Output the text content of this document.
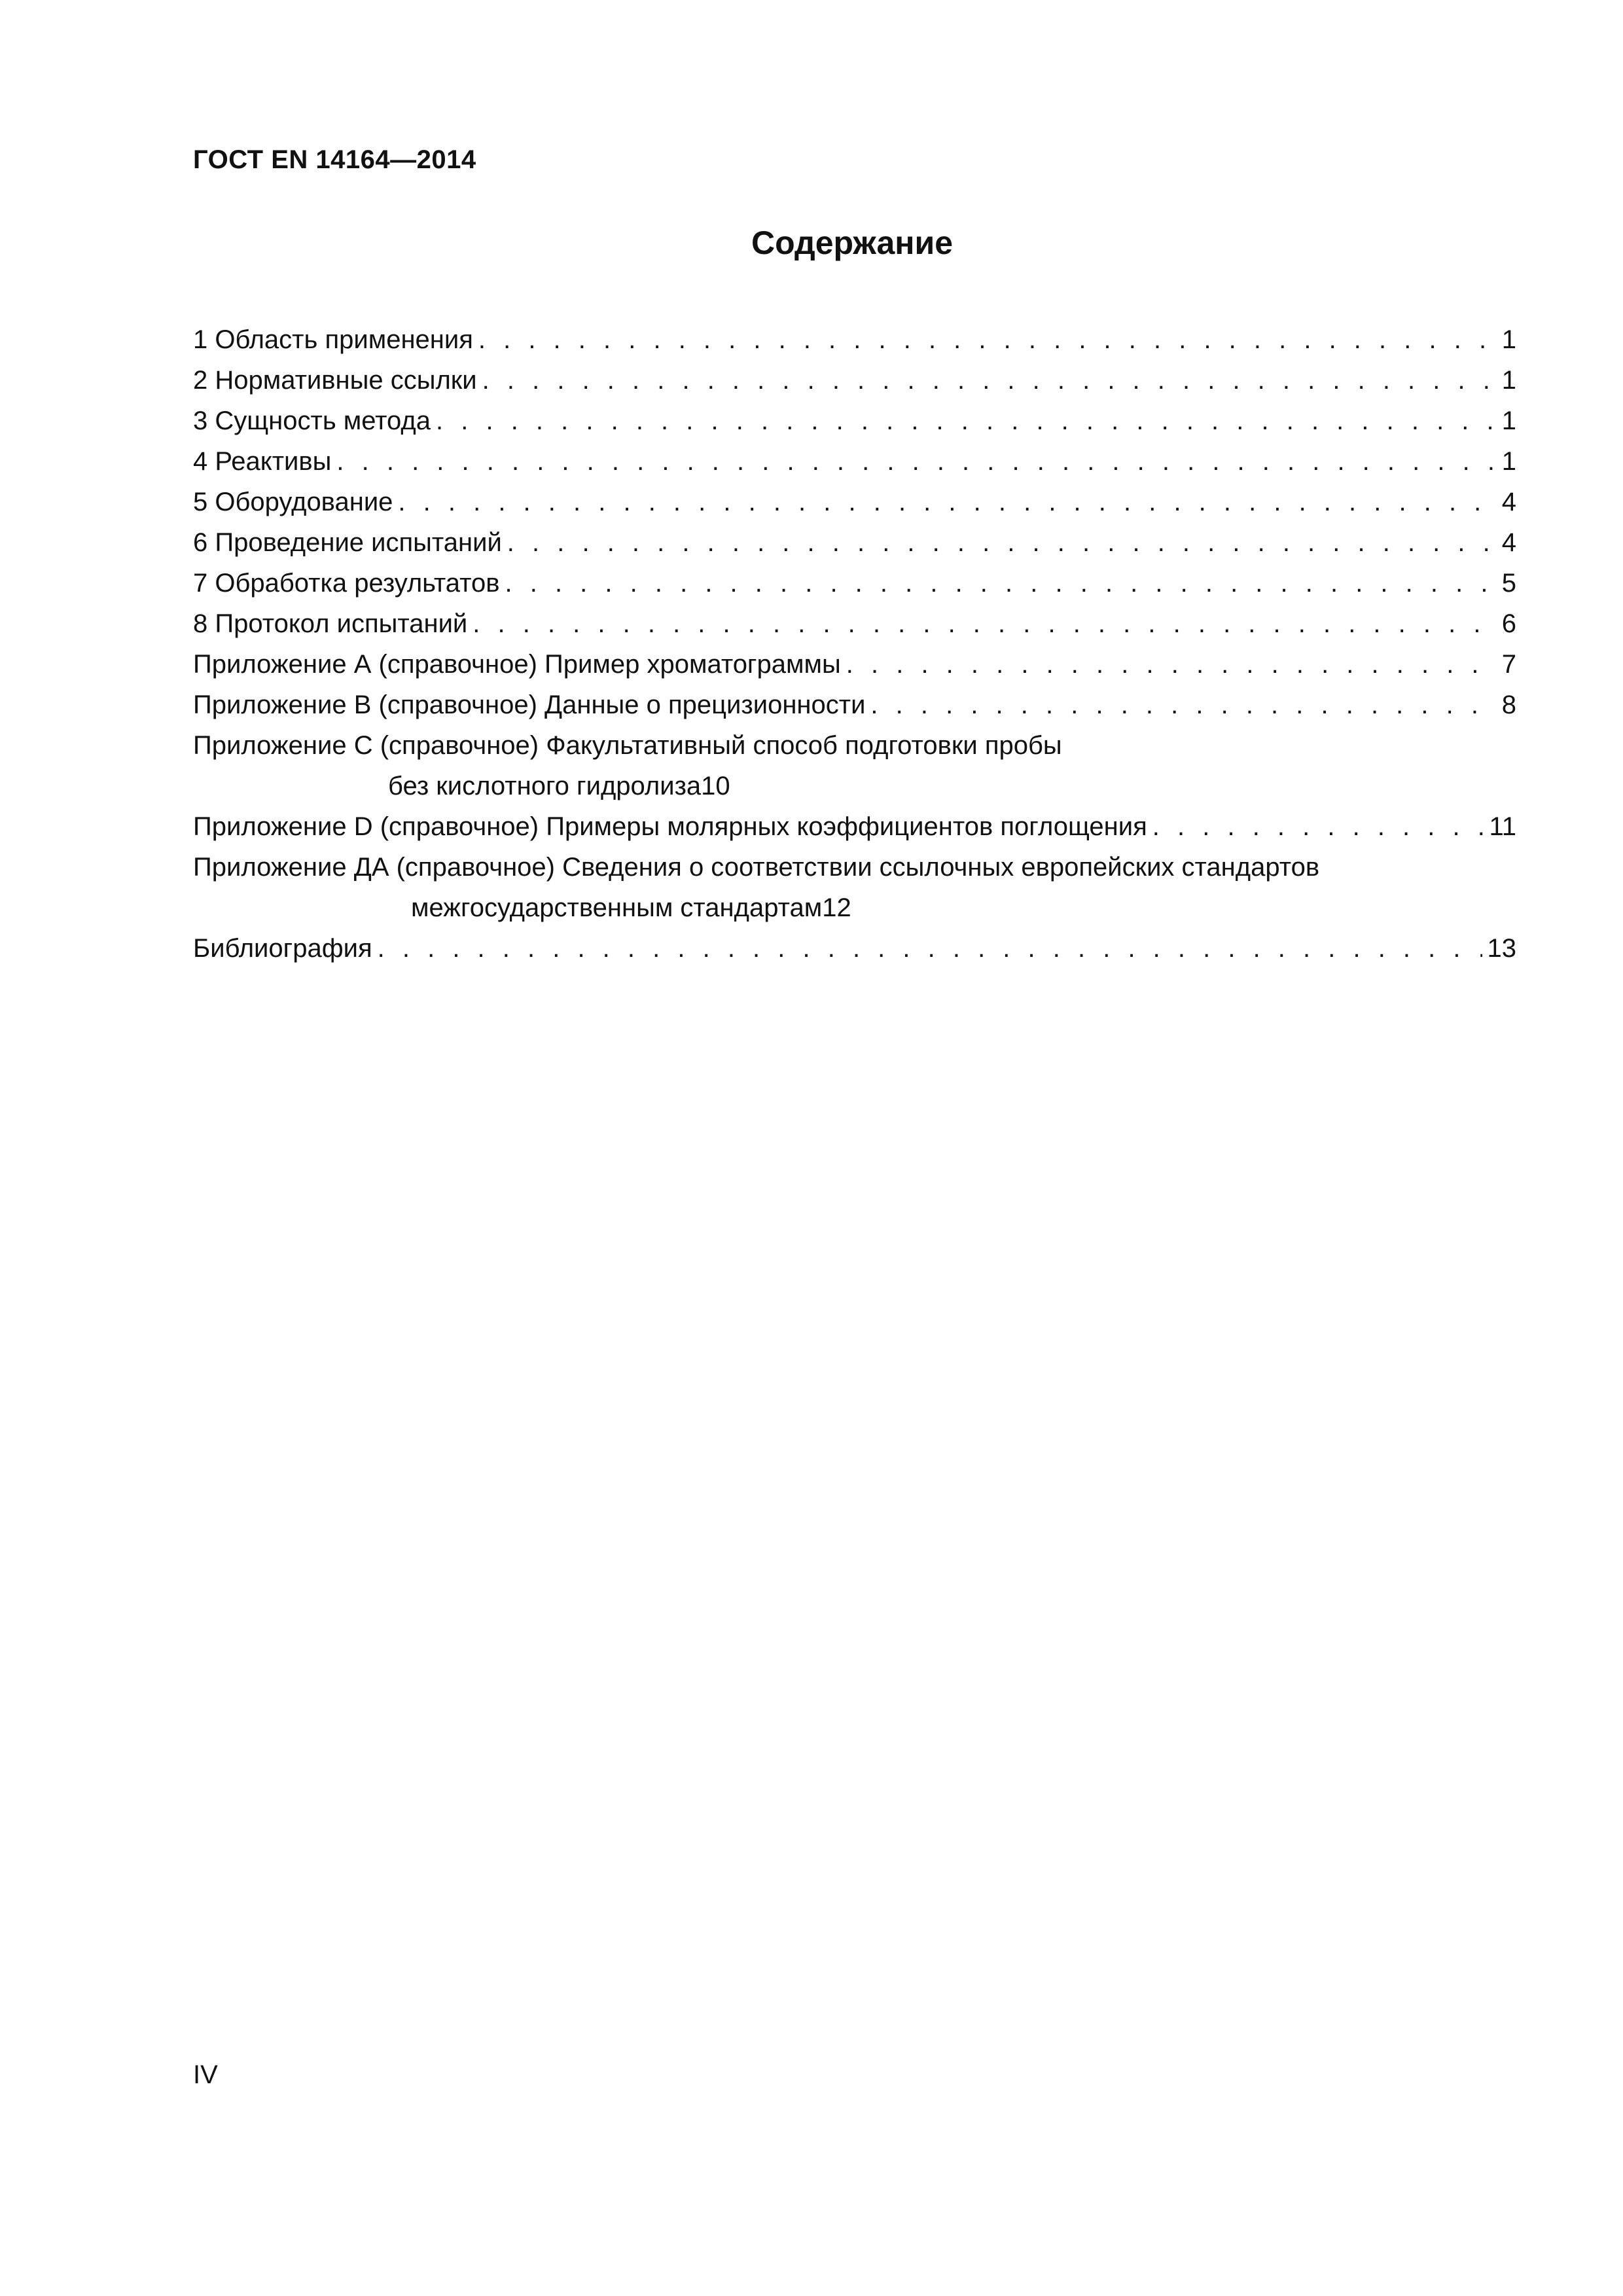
ГОСТ EN 14164—2014
Содержание
1 Область применения . . .	1
2 Нормативные ссылки . . .	1
3 Сущность метода . . .	1
4 Реактивы . . .	1
5 Оборудование . . .	4
6 Проведение испытаний . . .	4
7 Обработка результатов . . .	5
8 Протокол испытаний . . .	6
Приложение А (справочное) Пример хроматограммы . . .	7
Приложение В (справочное) Данные о прецизионности . . .	8
Приложение С (справочное) Факультативный способ подготовки пробы
без кислотного гидролиза 10
Приложение D (справочное) Примеры молярных коэффициентов поглощения . . .	11
Приложение ДА (справочное) Сведения о соответствии ссылочных европейских стандартов
межгосударственным стандартам 12
Библиография . . .	13
IV
